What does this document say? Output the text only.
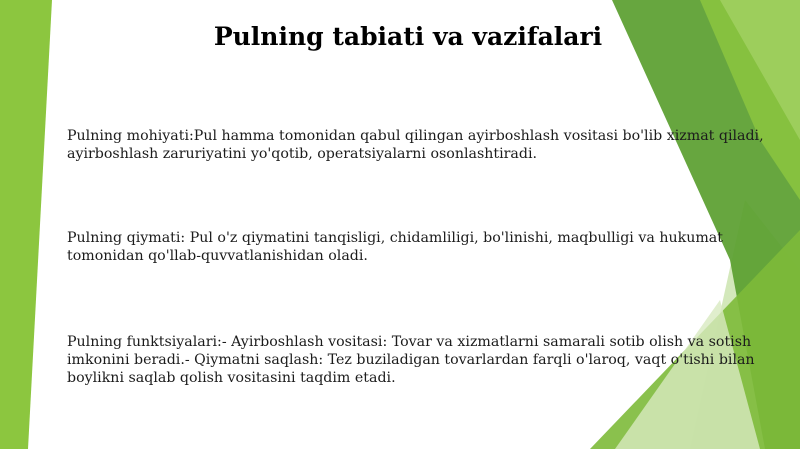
Pulning tabiati va vazifalari

Pulning mohiyati:Pul hamma tomonidan qabul qilingan ayirboshlash vositasi bo'lib xizmat qiladi, ayirboshlash zaruriyatini yo'qotib, operatsiyalarni osonlashtiradi.

Pulning qiymati: Pul o'z qiymatini tanqisligi, chidamliligi, bo'linishi, maqbulligi va hukumat tomonidan qo'llab-quvvatlanishidan oladi.

Pulning funktsiyalari:- Ayirboshlash vositasi: Tovar va xizmatlarni samarali sotib olish va sotish imkonini beradi.- Qiymatni saqlash: Tez buziladigan tovarlardan farqli o'laroq, vaqt o'tishi bilan boylikni saqlab qolish vositasini taqdim etadi.
